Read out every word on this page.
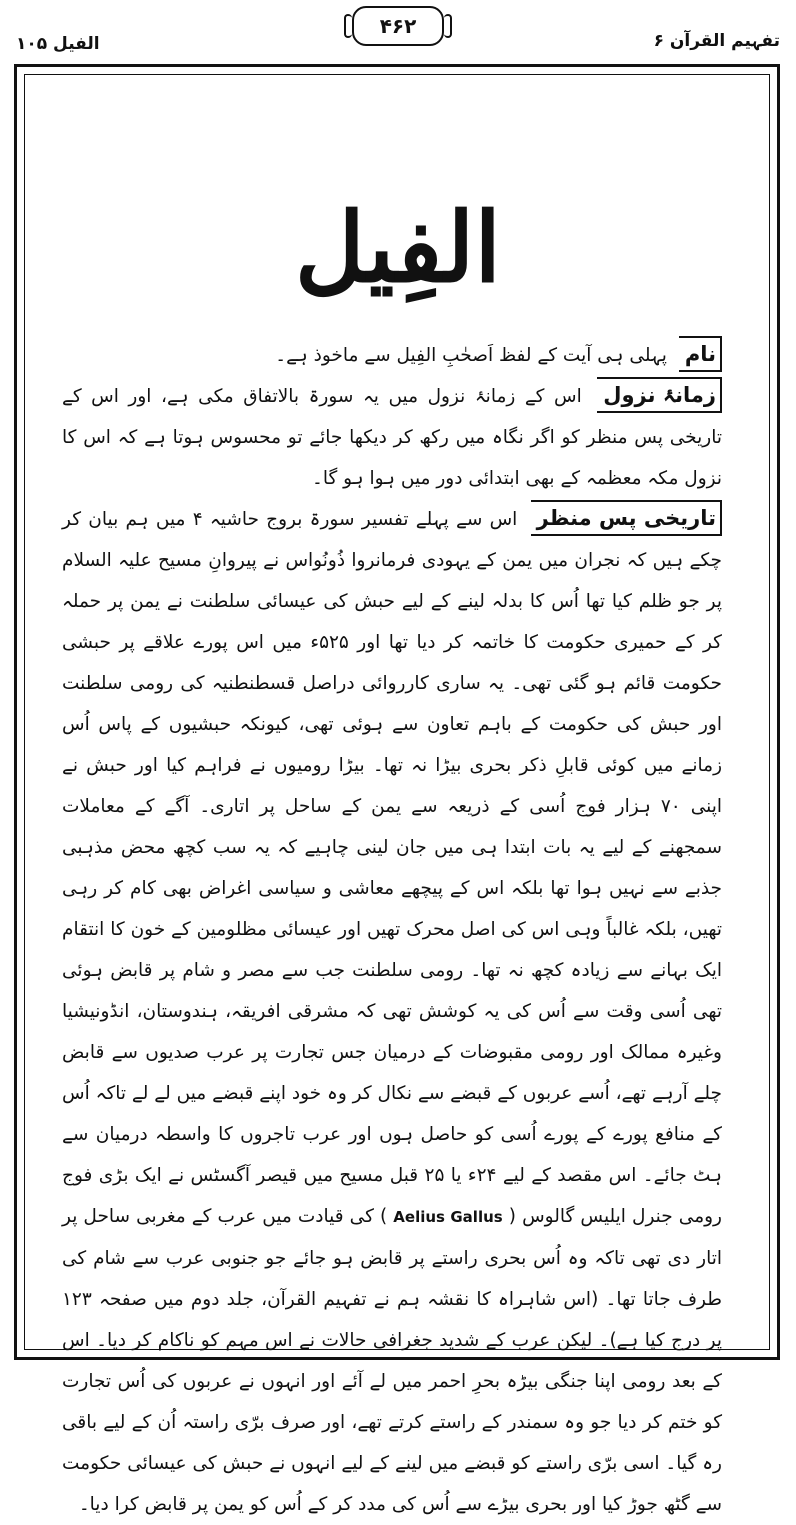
الفیل ۱۰۵
۴۶۲
تفہیم القرآن ۶
الفِیل

نام پہلی ہی آیت کے لفظ اَصحٰبِ الفِیل سے ماخوذ ہے۔

زمانۂ نزول اس کے زمانۂ نزول میں یہ سورۃ بالاتفاق مکی ہے، اور اس کے تاریخی پس منظر کو اگر نگاہ میں رکھ کر دیکھا جائے تو محسوس ہوتا ہے کہ اس کا نزول مکہ معظمہ کے بھی ابتدائی دور میں ہوا ہو گا۔

تاریخی پس منظر اس سے پہلے تفسیر سورۃ بروج حاشیہ ۴ میں ہم بیان کر چکے ہیں کہ نجران میں یمن کے یہودی فرمانروا ذُونُواس نے پیروانِ مسیح علیہ السلام پر جو ظلم کیا تھا اُس کا بدلہ لینے کے لیے حبش کی عیسائی سلطنت نے یمن پر حملہ کر کے حمیری حکومت کا خاتمہ کر دیا تھا اور ۵۲۵ء میں اس پورے علاقے پر حبشی حکومت قائم ہو گئی تھی۔ یہ ساری کارروائی دراصل قسطنطنیہ کی رومی سلطنت اور حبش کی حکومت کے باہم تعاون سے ہوئی تھی، کیونکہ حبشیوں کے پاس اُس زمانے میں کوئی قابلِ ذکر بحری بیڑا نہ تھا۔ بیڑا رومیوں نے فراہم کیا اور حبش نے اپنی ۷۰ ہزار فوج اُسی کے ذریعہ سے یمن کے ساحل پر اتاری۔ آگے کے معاملات سمجھنے کے لیے یہ بات ابتدا ہی میں جان لینی چاہیے کہ یہ سب کچھ محض مذہبی جذبے سے نہیں ہوا تھا بلکہ اس کے پیچھے معاشی و سیاسی اغراض بھی کام کر رہی تھیں، بلکہ غالباً وہی اس کی اصل محرک تھیں اور عیسائی مظلومین کے خون کا انتقام ایک بہانے سے زیادہ کچھ نہ تھا۔ رومی سلطنت جب سے مصر و شام پر قابض ہوئی تھی اُسی وقت سے اُس کی یہ کوشش تھی کہ مشرقی افریقہ، ہندوستان، انڈونیشیا وغیرہ ممالک اور رومی مقبوضات کے درمیان جس تجارت پر عرب صدیوں سے قابض چلے آرہے تھے، اُسے عربوں کے قبضے سے نکال کر وہ خود اپنے قبضے میں لے لے تاکہ اُس کے منافع پورے کے پورے اُسی کو حاصل ہوں اور عرب تاجروں کا واسطہ درمیان سے ہٹ جائے۔ اس مقصد کے لیے ۲۴ء یا ۲۵ قبل مسیح میں قیصر آگسٹس نے ایک بڑی فوج رومی جنرل ایلیس گالوس ( Aelius Gallus ) کی قیادت میں عرب کے مغربی ساحل پر اتار دی تھی تاکہ وہ اُس بحری راستے پر قابض ہو جائے جو جنوبی عرب سے شام کی طرف جاتا تھا۔ (اس شاہراہ کا نقشہ ہم نے تفہیم القرآن، جلد دوم میں صفحہ ۱۲۳ پر درج کیا ہے)۔ لیکن عرب کے شدید جغرافی حالات نے اس مہم کو ناکام کر دیا۔ اس کے بعد رومی اپنا جنگی بیڑہ بحرِ احمر میں لے آئے اور انہوں نے عربوں کی اُس تجارت کو ختم کر دیا جو وہ سمندر کے راستے کرتے تھے، اور صرف برّی راستہ اُن کے لیے باقی رہ گیا۔ اسی برّی راستے کو قبضے میں لینے کے لیے انہوں نے حبش کی عیسائی حکومت سے گٹھ جوڑ کیا اور بحری بیڑے سے اُس کی مدد کر کے اُس کو یمن پر قابض کرا دیا۔
